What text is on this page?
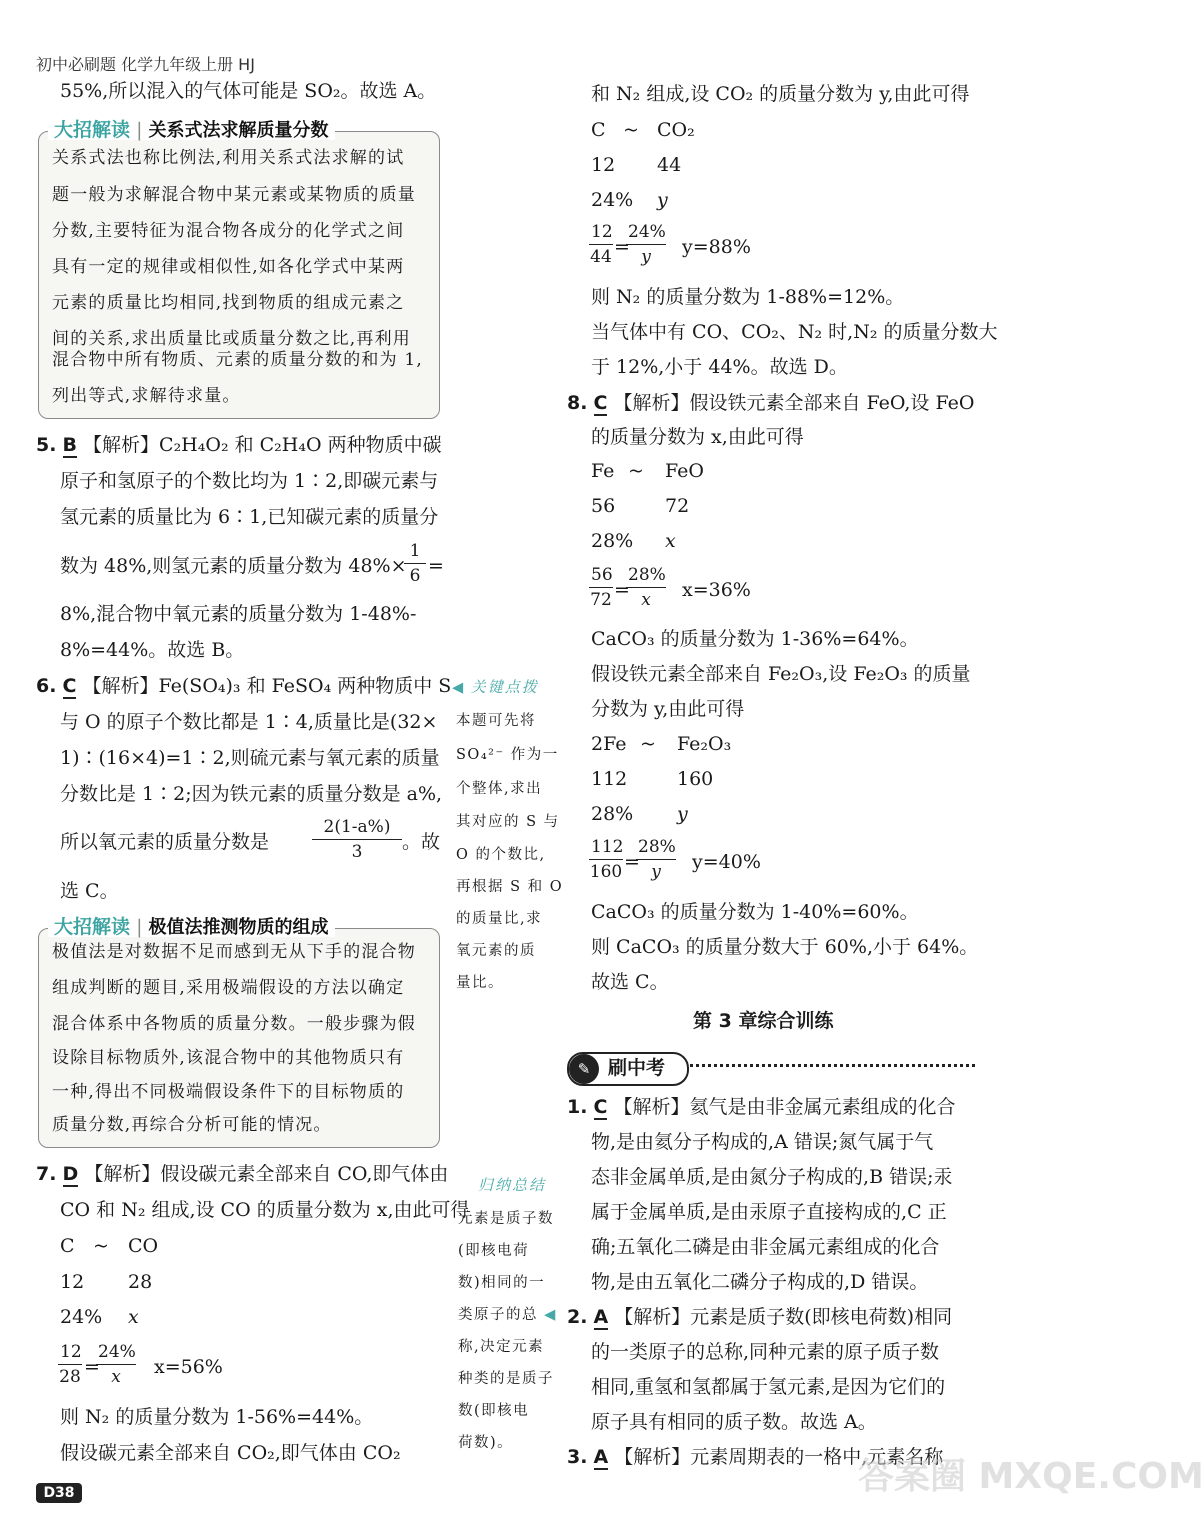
初中必刷题 化学九年级上册 HJ
55%,所以混入的气体可能是 SO₂。故选 A。
大招解读 | 关系式法求解质量分数
关系式法也称比例法,利用关系式法求解的试
题一般为求解混合物中某元素或某物质的质量
分数,主要特征为混合物各成分的化学式之间
具有一定的规律或相似性,如各化学式中某两
元素的质量比均相同,找到物质的组成元素之
间的关系,求出质量比或质量分数之比,再利用
混合物中所有物质、元素的质量分数的和为 1,
列出等式,求解待求量。
5. B 【解析】C₂H₄O₂ 和 C₂H₄O 两种物质中碳
原子和氢原子的个数比均为 1∶2,即碳元素与
氢元素的质量比为 6∶1,已知碳元素的质量分
数为 48%,则氢元素的质量分数为 48%×
$\frac{1}{6}$ =
8%,混合物中氧元素的质量分数为 1-48%-
8%=44%。故选 B。
6. C 【解析】Fe(SO₄)₃ 和 FeSO₄ 两种物质中 S
与 O 的原子个数比都是 1∶4,质量比是(32×
1)∶(16×4)=1∶2,则硫元素与氧元素的质量
分数比是 1∶2;因为铁元素的质量分数是 a%,
所以氧元素的质量分数是	$\frac{2(1-a\%)}{3}$ 。故
选 C。
大招解读 | 极值法推测物质的组成
极值法是对数据不足而感到无从下手的混合物
组成判断的题目,采用极端假设的方法以确定
混合体系中各物质的质量分数。一般步骤为假
设除目标物质外,该混合物中的其他物质只有
一种,得出不同极端假设条件下的目标物质的
质量分数,再综合分析可能的情况。
7. D 【解析】假设碳元素全部来自 CO,即气体由
CO 和 N₂ 组成,设 CO 的质量分数为 x,由此可得
C ~ CO
12 28
24% x
$\frac{12}{28}$ =
$\frac{24\%}{x} x=56\%$
则 N₂ 的质量分数为 1-56%=44%。
假设碳元素全部来自 CO₂,即气体由 CO₂
◀ 关键点拨
本题可先将
SO₄²⁻ 作为一
个整体,求出
其对应的 S 与
O 的个数比,
再根据 S 和 O
的质量比,求
氧元素的质
量比。
归纳总结
元素是质子数
(即核电荷
数)相同的一
类原子的总 ◀
称,决定元素
种类的是质子
数(即核电
荷数)。
和 N₂ 组成,设 CO₂ 的质量分数为 y,由此可得
C ~ CO₂
12 44
24% y
$\frac{12}{44}$ =
$\frac{24\%}{y} y=88\%$
则 N₂ 的质量分数为 1-88%=12%。
当气体中有 CO、CO₂、N₂ 时,N₂ 的质量分数大
于 12%,小于 44%。故选 D。
8. C 【解析】假设铁元素全部来自 FeO,设 FeO
的质量分数为 x,由此可得
Fe ~ FeO
56	72
28% x
$\frac{56}{72}$ =
$\frac{28\%}{x} x=36\%$
CaCO₃ 的质量分数为 1-36%=64%。
假设铁元素全部来自 Fe₂O₃,设 Fe₂O₃ 的质量
分数为 y,由此可得
2Fe ~ Fe₂O₃
112	160
28% y
$\frac{112}{160}$ =
$\frac{28\%}{y} y=40\%$
CaCO₃ 的质量分数为 1-40%=60%。
则 CaCO₃ 的质量分数大于 60%,小于 64%。
故选 C。
第 3 章综合训练
✎ 刷中考
1. C 【解析】氦气是由非金属元素组成的化合
物,是由氦分子构成的,A 错误;氮气属于气
态非金属单质,是由氮分子构成的,B 错误;汞
属于金属单质,是由汞原子直接构成的,C 正
确;五氧化二磷是由非金属元素组成的化合
物,是由五氧化二磷分子构成的,D 错误。
2. A 【解析】元素是质子数(即核电荷数)相同
的一类原子的总称,同种元素的原子质子数
相同,重氢和氢都属于氢元素,是因为它们的
原子具有相同的质子数。故选 A。
3. A 【解析】元素周期表的一格中,元素名称
答案圈 MXQE.COM
D38
